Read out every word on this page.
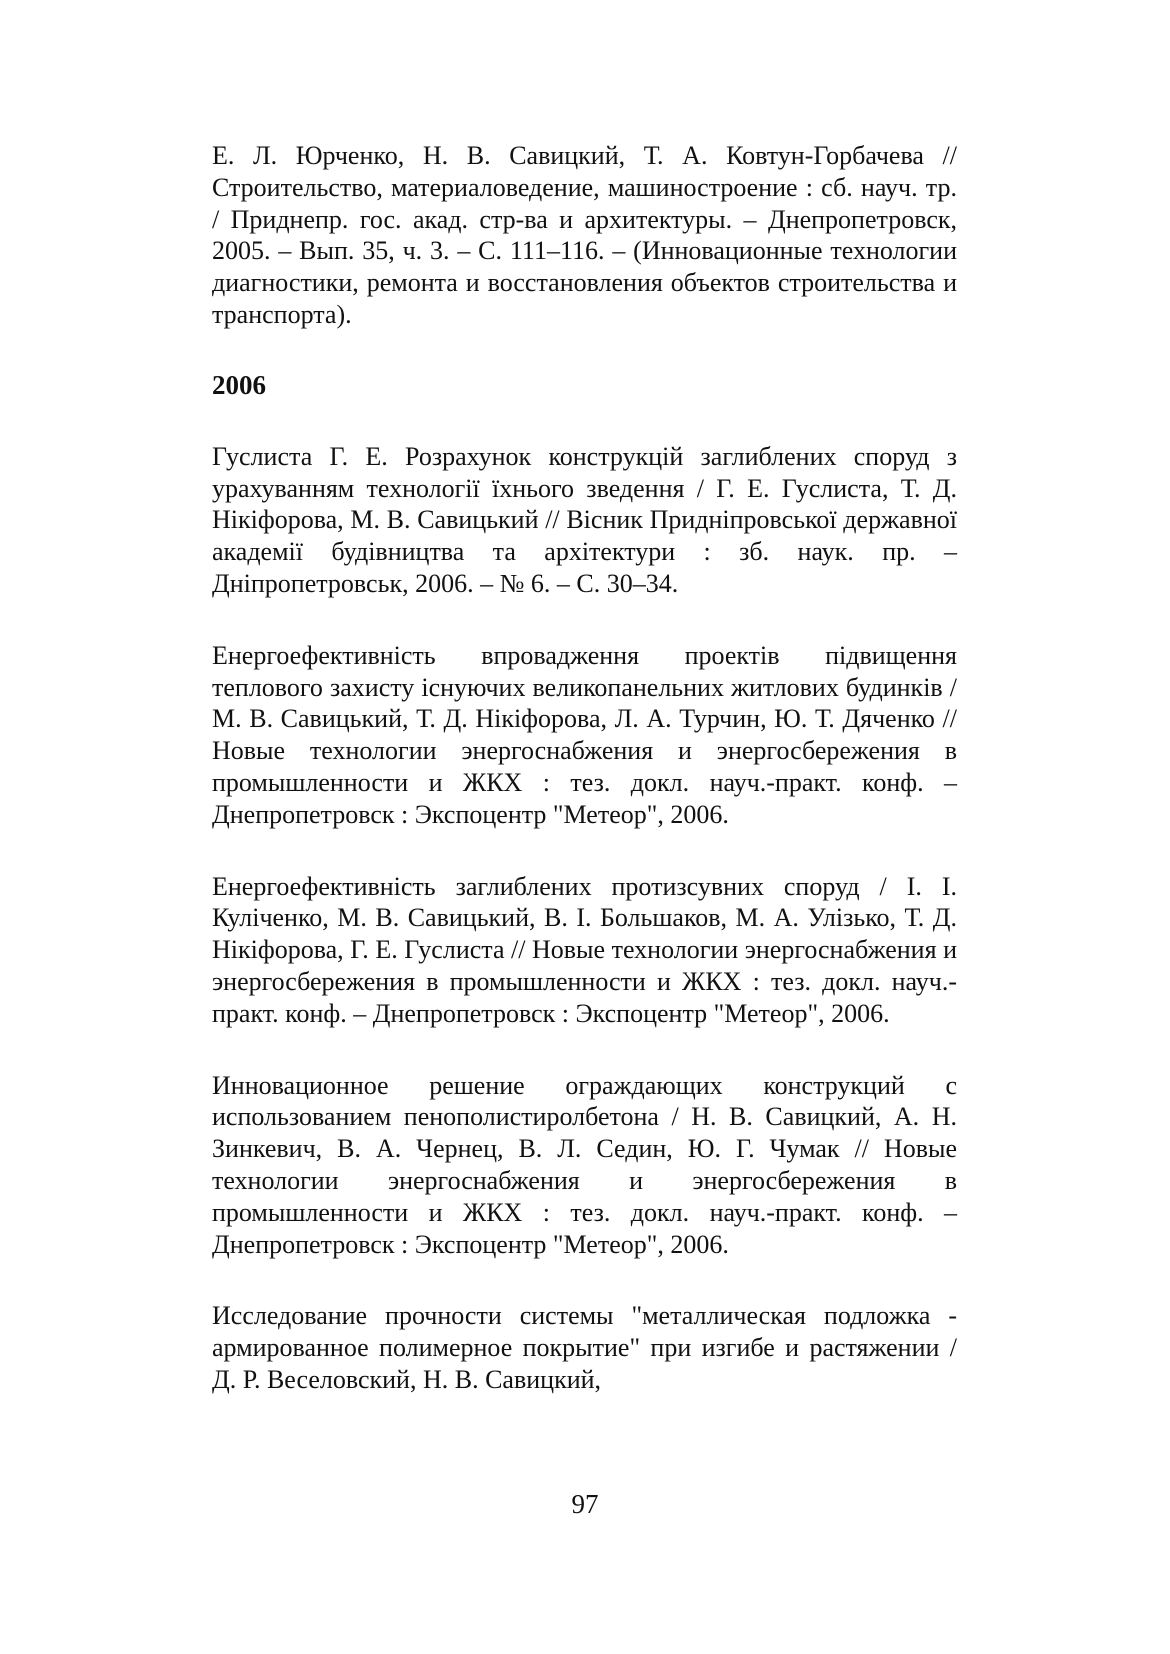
Е. Л. Юрченко, Н. В. Савицкий, Т. А. Ковтун-Горбачева // Строительство, материаловедение, машиностроение : сб. науч. тр. / Приднепр. гос. акад. стр-ва и архитектуры. – Днепропетровск, 2005. – Вып. 35, ч. 3. – С. 111–116. – (Инновационные технологии диагностики, ремонта и восстановления объектов строительства и транспорта).

2006

Гуслиста Г. Е. Розрахунок конструкцій заглиблених споруд з урахуванням технології їхнього зведення / Г. Е. Гуслиста, Т. Д. Нікіфорова, М. В. Савицький // Вісник Придніпровської державної академії будівництва та архітектури : зб. наук. пр. – Дніпропетровськ, 2006. – № 6. – С. 30–34.

Енергоефективність впровадження проектів підвищення теплового захисту існуючих великопанельних житлових будинків / М. В. Савицький, Т. Д. Нікіфорова, Л. А. Турчин, Ю. Т. Дяченко // Новые технологии энергоснабжения и энергосбережения в промышленности и ЖКХ : тез. докл. науч.-практ. конф. – Днепропетровск : Экспоцентр "Метеор", 2006.

Енергоефективність заглиблених протизсувних споруд / І. І. Куліченко, М. В. Савицький, В. І. Большаков, М. А. Улізько, Т. Д. Нікіфорова, Г. Е. Гуслиста // Новые технологии энергоснабжения и энергосбережения в промышленности и ЖКХ : тез. докл. науч.-практ. конф. – Днепропетровск : Экспоцентр "Метеор", 2006.

Инновационное решение ограждающих конструкций с использованием пенополистиролбетона / Н. В. Савицкий, А. Н. Зинкевич, В. А. Чернец, В. Л. Седин, Ю. Г. Чумак // Новые технологии энергоснабжения и энергосбережения в промышленности и ЖКХ : тез. докл. науч.-практ. конф. – Днепропетровск : Экспоцентр "Метеор", 2006.

Исследование прочности системы "металлическая подложка - армированное полимерное покрытие" при изгибе и растяжении / Д. Р. Веселовский, Н. В. Савицкий,

97
